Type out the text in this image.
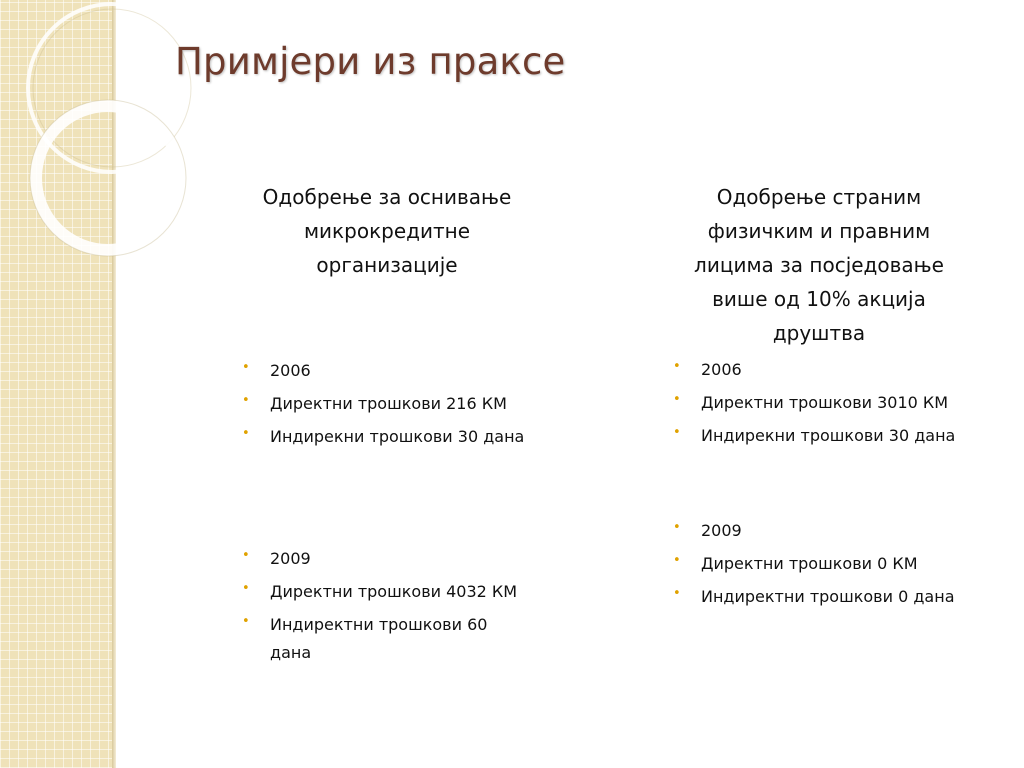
Примјери из праксе
Одобрење за оснивање
микрокредитне
организације
Одобрење страним
физичким и правним
лицима за посједовање
више од 10% акција
друштва
• 2006
• Директни трошкови 216 КМ
• Индирекни трошкови 30 дана
• 2009
• Директни трошкови 4032 КМ
• Индиректни трошкови 60 дана
• 2006
• Директни трошкови 3010 КМ
• Индирекни трошкови 30 дана
• 2009
• Директни трошкови 0 КМ
• Индиректни трошкови 0 дана
